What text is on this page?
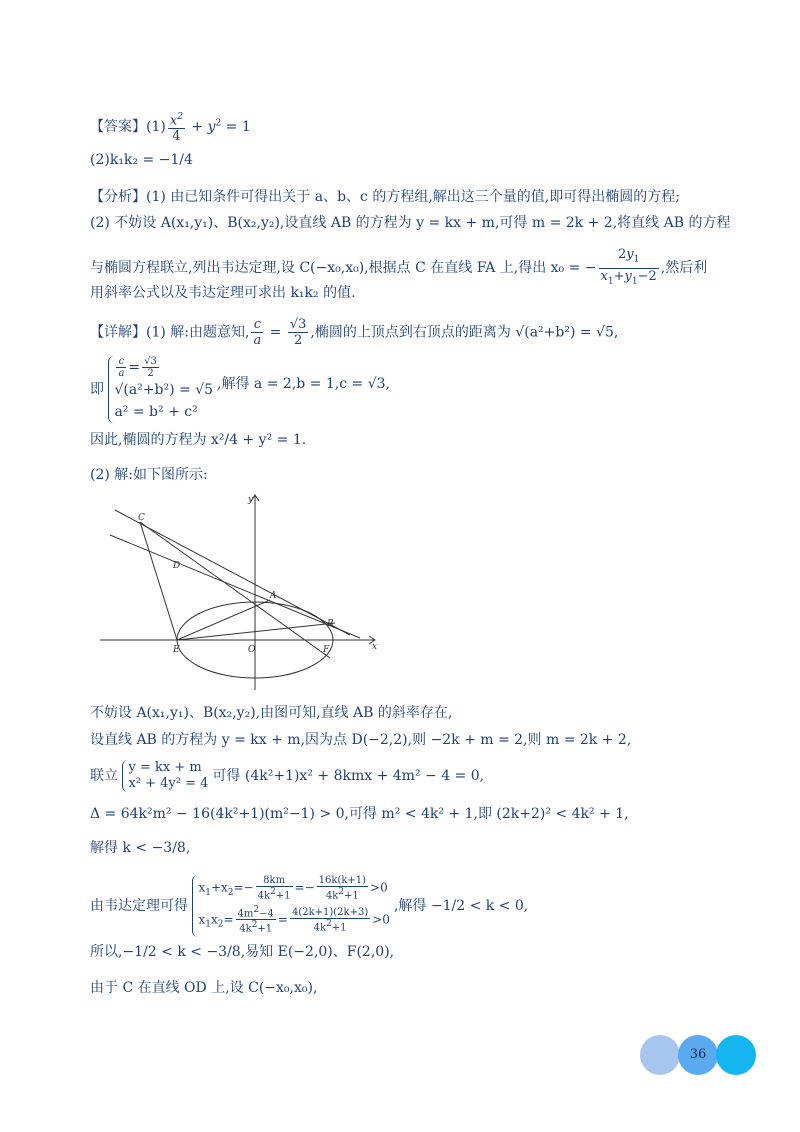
【答案】$(1) \frac{x^2}{4} + y^2 = 1$
(2)k₁k₂ = −1/4
【分析】(1) 由已知条件可得出关于 a、b、c 的方程组,解出这三个量的值,即可得出椭圆的方程;
(2) 不妨设 A(x₁,y₁)、B(x₂,y₂),设直线 AB 的方程为 y = kx + m,可得 m = 2k + 2,将直线 AB 的方程
与椭圆方程联立,列出韦达定理,设 C(−x₀,x₀),根据点 C 在直线 FA 上,得出 x₀ = − $\frac{2y_1}{x_1+y_1-2}$ ,然后利
用斜率公式以及韦达定理可求出 k₁k₂ 的值.
【详解】(1) 解:由题意知, $\frac{c}{a} = \frac{√3}{2}$ ,椭圆的上顶点到右顶点的距离为 √(a²+b²) = √5,
即
$\frac{c}{a} = \frac{√3}{2}$
√(a²+b²) = √5
a² = b² + c²
,解得 a = 2,b = 1,c = √3,
因此,椭圆的方程为 x²/4 + y² = 1.
(2) 解:如下图所示:
C
D
A
B
E	O	F	x
y
不妨设 A(x₁,y₁)、B(x₂,y₂),由图可知,直线 AB 的斜率存在,
设直线 AB 的方程为 y = kx + m,因为点 D(−2,2),则 −2k + m = 2,则 m = 2k + 2,
联立
y = kx + m
x² + 4y² = 4 可得 (4k²+1)x² + 8kmx + 4m² − 4 = 0,
Δ = 64k²m² − 16(4k²+1)(m²−1) > 0,可得 m² < 4k² + 1,即 (2k+2)² < 4k² + 1,
解得 k < −3/8,
由韦达定理可得
$x_1+x_2=- \frac{8km}{4k^2+1} =- \frac{16k(k+1)}{4k^2+1} >0$
$x_1x_2= \frac{4m^2-4}{4k^2+1} = \frac{4(2k+1)(2k+3)}{4k^2+1} >0$
,解得 −1/2 < k < 0,
所以,−1/2 < k < −3/8,易知 E(−2,0)、F(2,0),
由于 C 在直线 OD 上,设 C(−x₀,x₀),
36
